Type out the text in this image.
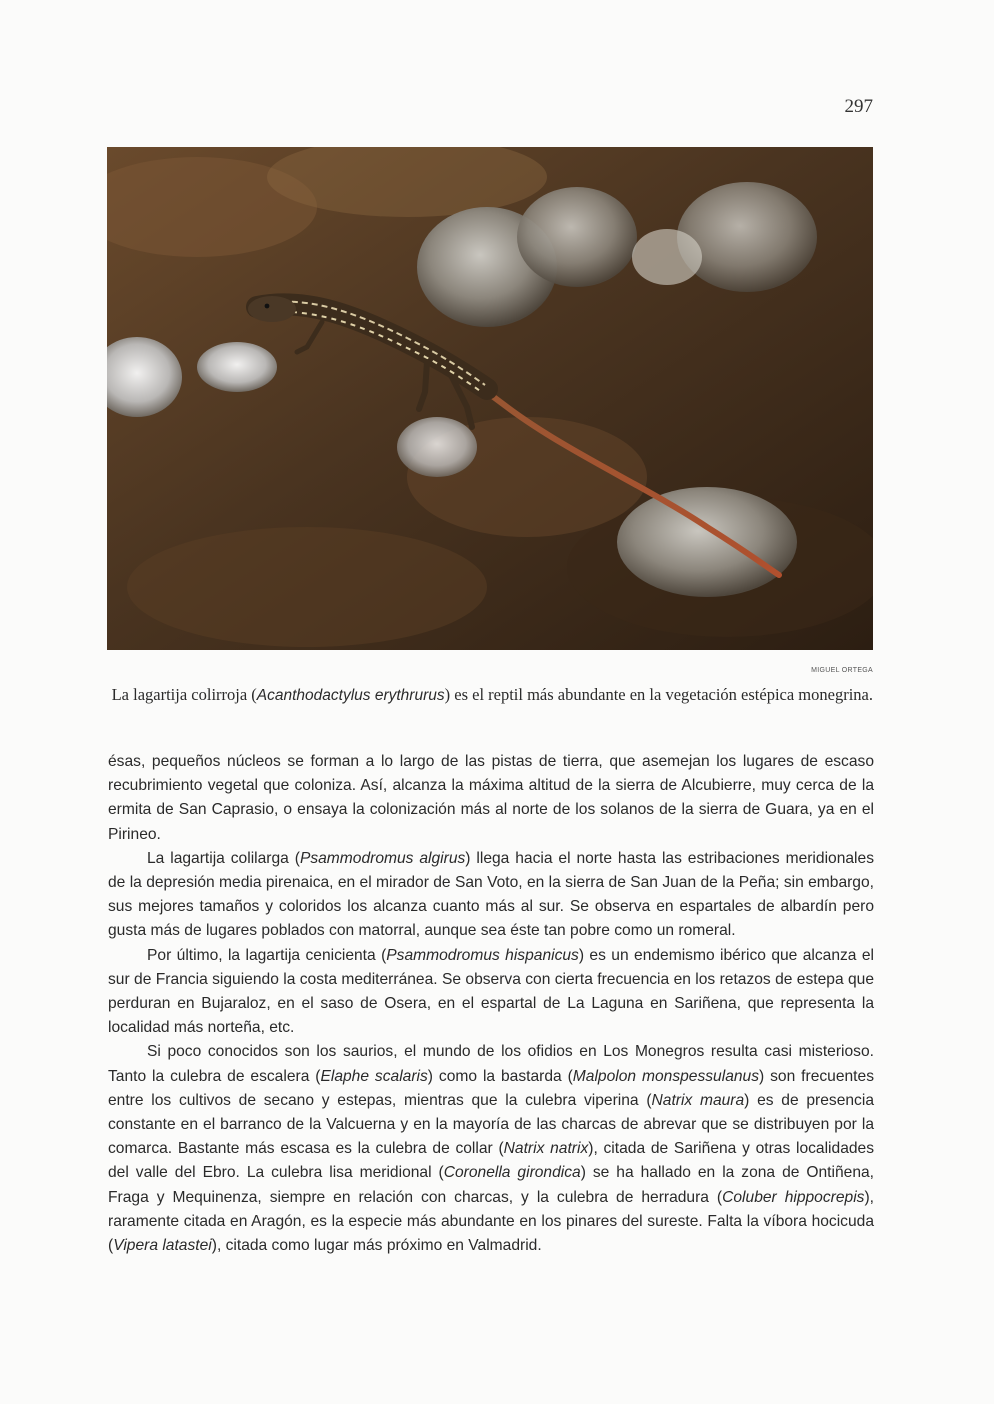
297
MIGUEL ORTEGA
La lagartija colirroja (Acanthodactylus erythrurus) es el reptil más abundante en la vegetación estépica monegrina.

ésas, pequeños núcleos se forman a lo largo de las pistas de tierra, que asemejan los lugares de escaso recubrimiento vegetal que coloniza. Así, alcanza la máxima altitud de la sierra de Alcubierre, muy cerca de la ermita de San Caprasio, o ensaya la colonización más al norte de los solanos de la sierra de Guara, ya en el Pirineo.

La lagartija colilarga (Psammodromus algirus) llega hacia el norte hasta las estribaciones meridionales de la depresión media pirenaica, en el mirador de San Voto, en la sierra de San Juan de la Peña; sin embargo, sus mejores tamaños y coloridos los alcanza cuanto más al sur. Se observa en espartales de albardín pero gusta más de lugares poblados con matorral, aunque sea éste tan pobre como un romeral.

Por último, la lagartija cenicienta (Psammodromus hispanicus) es un endemismo ibérico que alcanza el sur de Francia siguiendo la costa mediterránea. Se observa con cierta frecuencia en los retazos de estepa que perduran en Bujaraloz, en el saso de Osera, en el espartal de La Laguna en Sariñena, que representa la localidad más norteña, etc.

Si poco conocidos son los saurios, el mundo de los ofidios en Los Monegros resulta casi misterioso. Tanto la culebra de escalera (Elaphe scalaris) como la bastarda (Malpolon monspessulanus) son frecuentes entre los cultivos de secano y estepas, mientras que la culebra viperina (Natrix maura) es de presencia constante en el barranco de la Valcuerna y en la mayoría de las charcas de abrevar que se distribuyen por la comarca. Bastante más escasa es la culebra de collar (Natrix natrix), citada de Sariñena y otras localidades del valle del Ebro. La culebra lisa meridional (Coronella girondica) se ha hallado en la zona de Ontiñena, Fraga y Mequinenza, siempre en relación con charcas, y la culebra de herradura (Coluber hippocrepis), raramente citada en Aragón, es la especie más abundante en los pinares del sureste. Falta la víbora hocicuda (Vipera latastei), citada como lugar más próximo en Valmadrid.
